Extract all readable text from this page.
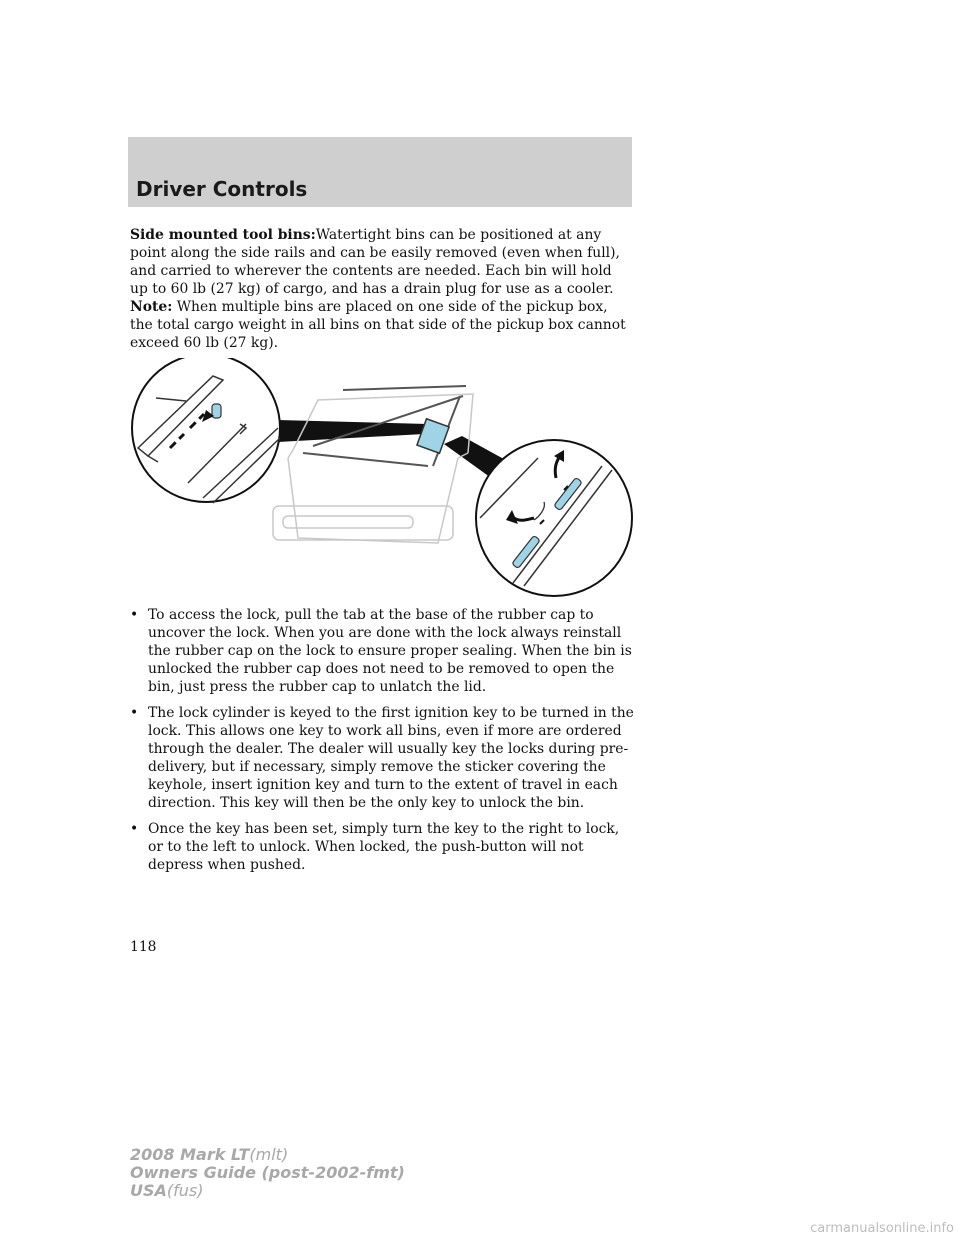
Driver Controls

Side mounted tool bins:Watertight bins can be positioned at any point along the side rails and can be easily removed (even when full), and carried to wherever the contents are needed. Each bin will hold up to 60 lb (27 kg) of cargo, and has a drain plug for use as a cooler. Note: When multiple bins are placed on one side of the pickup box, the total cargo weight in all bins on that side of the pickup box cannot exceed 60 lb (27 kg).

• To access the lock, pull the tab at the base of the rubber cap to uncover the lock. When you are done with the lock always reinstall the rubber cap on the lock to ensure proper sealing. When the bin is unlocked the rubber cap does not need to be removed to open the bin, just press the rubber cap to unlatch the lid.
• The lock cylinder is keyed to the first ignition key to be turned in the lock. This allows one key to work all bins, even if more are ordered through the dealer. The dealer will usually key the locks during pre-delivery, but if necessary, simply remove the sticker covering the keyhole, insert ignition key and turn to the extent of travel in each direction. This key will then be the only key to unlock the bin.
• Once the key has been set, simply turn the key to the right to lock, or to the left to unlock. When locked, the push-button will not depress when pushed.
118
2008 Mark LT(mlt)
Owners Guide (post-2002-fmt)
USA(fus)
carmanualsonline.info
